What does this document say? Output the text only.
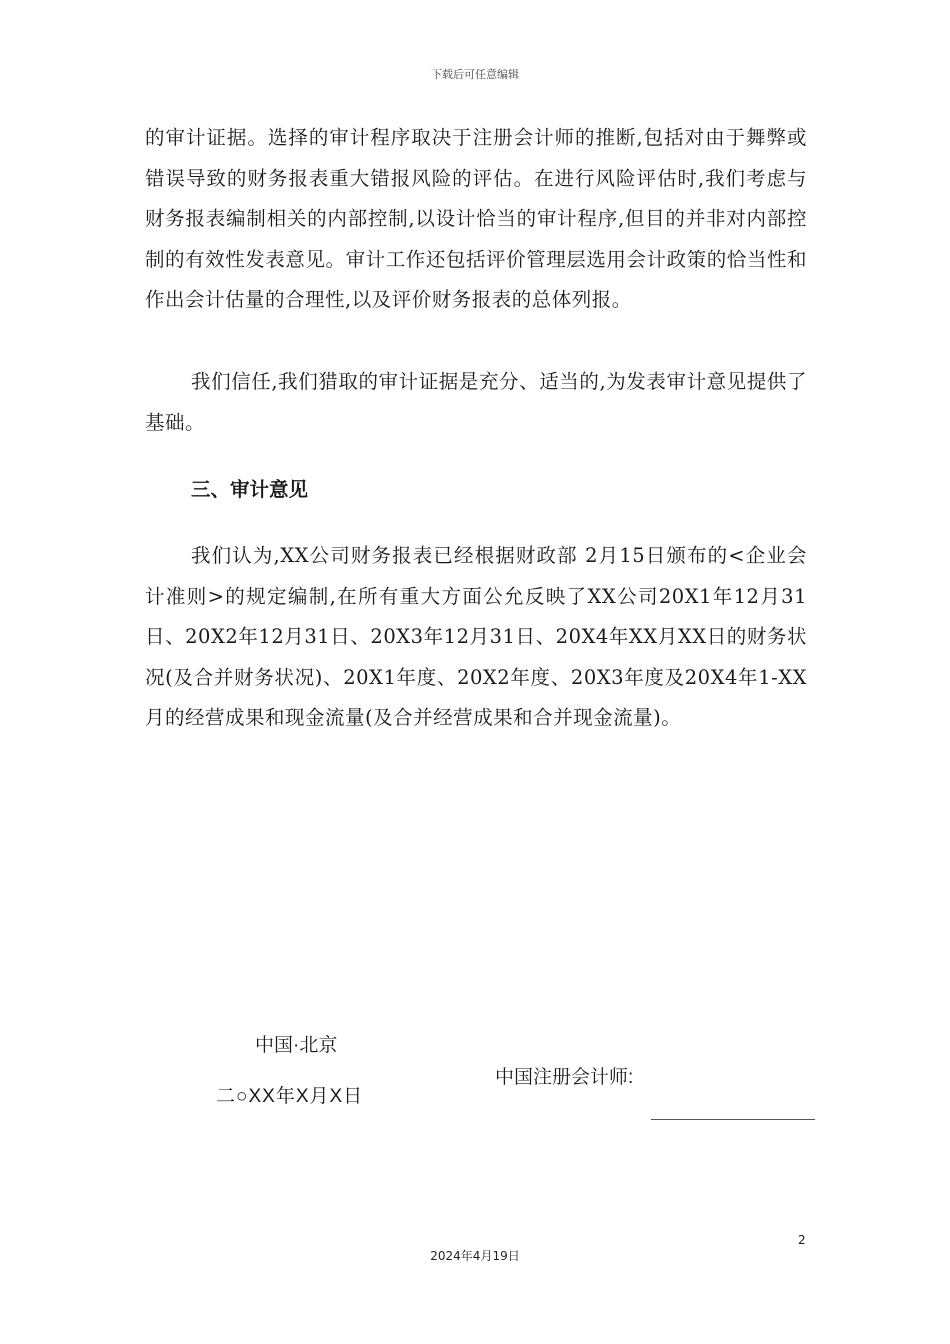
下载后可任意编辑

的审计证据。选择的审计程序取决于注册会计师的推断,包括对由于舞弊或错误导致的财务报表重大错报风险的评估。在进行风险评估时,我们考虑与财务报表编制相关的内部控制,以设计恰当的审计程序,但目的并非对内部控制的有效性发表意见。审计工作还包括评价管理层选用会计政策的恰当性和作出会计估量的合理性,以及评价财务报表的总体列报。

我们信任,我们猎取的审计证据是充分、适当的,为发表审计意见提供了基础。

三、审计意见

我们认为,XX公司财务报表已经根据财政部 2月15日颁布的<企业会计准则>的规定编制,在所有重大方面公允反映了XX公司20X1年12月31日、20X2年12月31日、20X3年12月31日、20X4年XX月XX日的财务状况(及合并财务状况)、20X1年度、20X2年度、20X3年度及20X4年1-XX月的经营成果和现金流量(及合并经营成果和合并现金流量)。

中国·北京
二○XX年X月X日
中国注册会计师:
2
2024年4月19日
